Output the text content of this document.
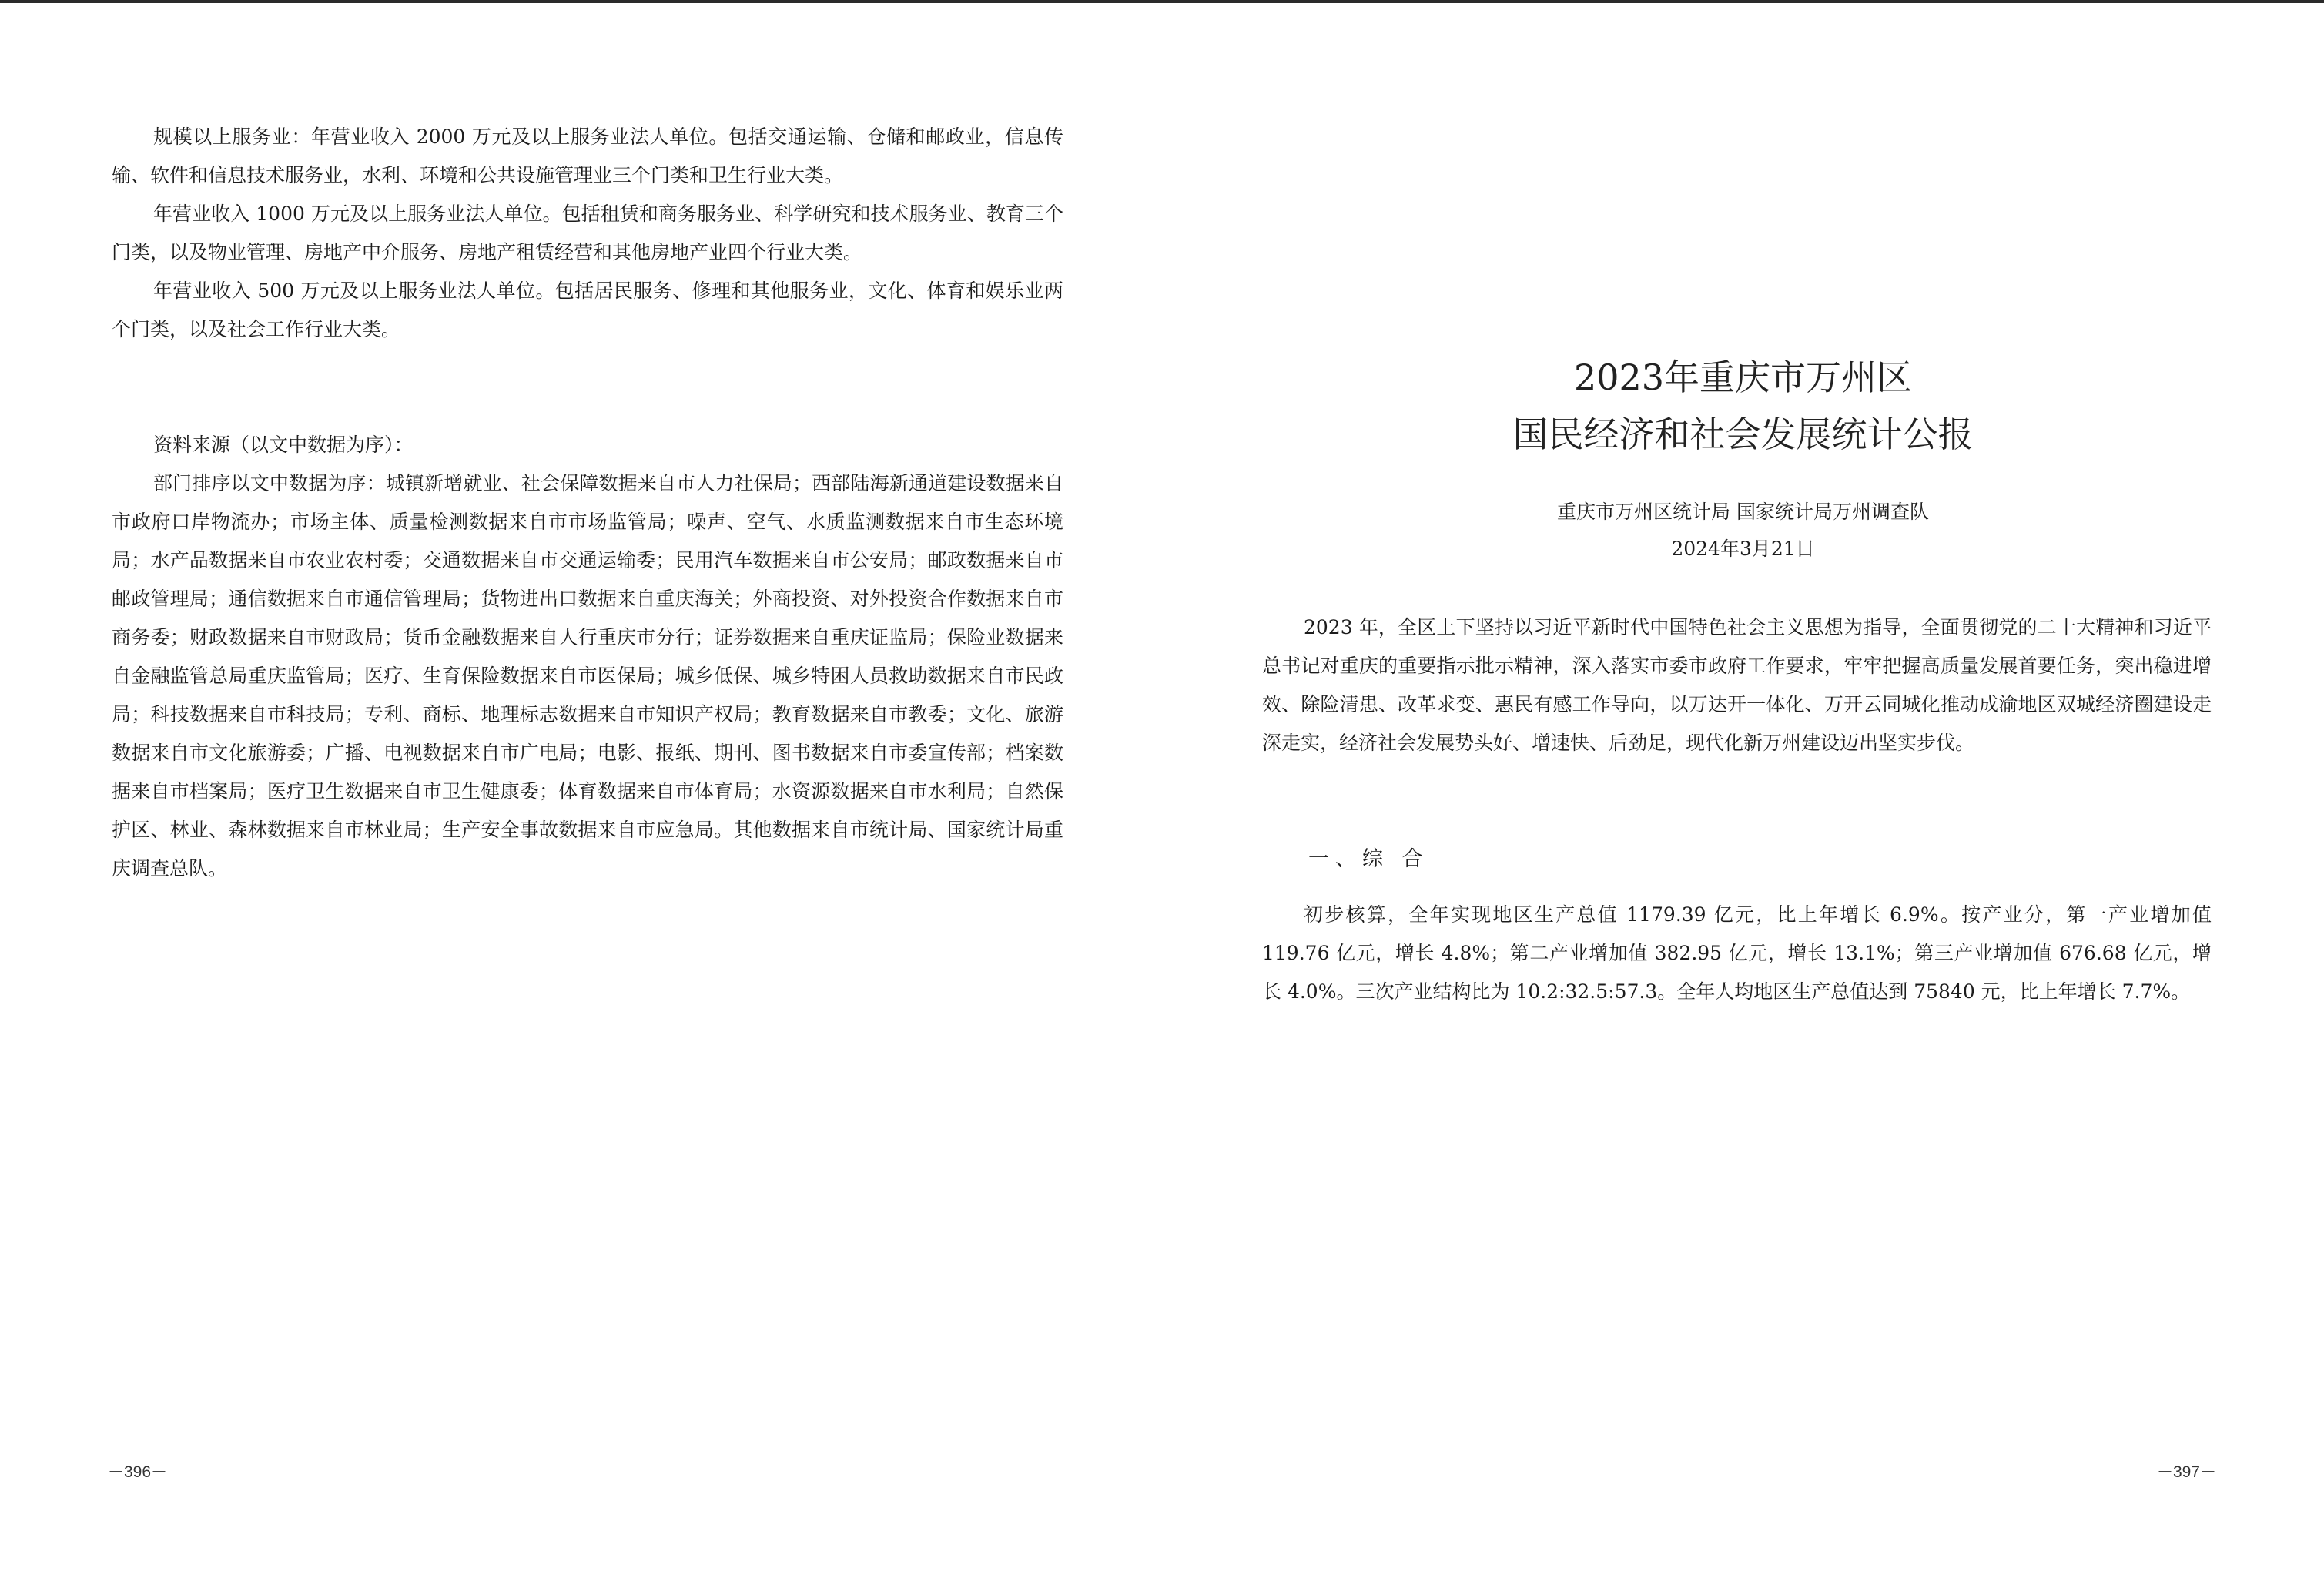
规模以上服务业：年营业收入 2000 万元及以上服务业法人单位。包括交通运输、仓储和邮政业，信息传输、软件和信息技术服务业，水利、环境和公共设施管理业三个门类和卫生行业大类。

年营业收入 1000 万元及以上服务业法人单位。包括租赁和商务服务业、科学研究和技术服务业、教育三个门类，以及物业管理、房地产中介服务、房地产租赁经营和其他房地产业四个行业大类。

年营业收入 500 万元及以上服务业法人单位。包括居民服务、修理和其他服务业，文化、体育和娱乐业两个门类，以及社会工作行业大类。

资料来源（以文中数据为序）：

部门排序以文中数据为序：城镇新增就业、社会保障数据来自市人力社保局；西部陆海新通道建设数据来自市政府口岸物流办；市场主体、质量检测数据来自市市场监管局；噪声、空气、水质监测数据来自市生态环境局；水产品数据来自市农业农村委；交通数据来自市交通运输委；民用汽车数据来自市公安局；邮政数据来自市邮政管理局；通信数据来自市通信管理局；货物进出口数据来自重庆海关；外商投资、对外投资合作数据来自市商务委；财政数据来自市财政局；货币金融数据来自人行重庆市分行；证券数据来自重庆证监局；保险业数据来自金融监管总局重庆监管局；医疗、生育保险数据来自市医保局；城乡低保、城乡特困人员救助数据来自市民政局；科技数据来自市科技局；专利、商标、地理标志数据来自市知识产权局；教育数据来自市教委；文化、旅游数据来自市文化旅游委；广播、电视数据来自市广电局；电影、报纸、期刊、图书数据来自市委宣传部；档案数据来自市档案局；医疗卫生数据来自市卫生健康委；体育数据来自市体育局；水资源数据来自市水利局；自然保护区、林业、森林数据来自市林业局；生产安全事故数据来自市应急局。其他数据来自市统计局、国家统计局重庆调查总队。

－396－
2023年重庆市万州区
国民经济和社会发展统计公报
重庆市万州区统计局 国家统计局万州调查队
2024年3月21日

2023 年，全区上下坚持以习近平新时代中国特色社会主义思想为指导，全面贯彻党的二十大精神和习近平总书记对重庆的重要指示批示精神，深入落实市委市政府工作要求，牢牢把握高质量发展首要任务，突出稳进增效、除险清患、改革求变、惠民有感工作导向，以万达开一体化、万开云同城化推动成渝地区双城经济圈建设走深走实，经济社会发展势头好、增速快、后劲足，现代化新万州建设迈出坚实步伐。

一、综 合

初步核算，全年实现地区生产总值 1179.39 亿元，比上年增长 6.9%。按产业分，第一产业增加值 119.76 亿元，增长 4.8%；第二产业增加值 382.95 亿元，增长 13.1%；第三产业增加值 676.68 亿元，增长 4.0%。三次产业结构比为 10.2:32.5:57.3。全年人均地区生产总值达到 75840 元，比上年增长 7.7%。

－397－
